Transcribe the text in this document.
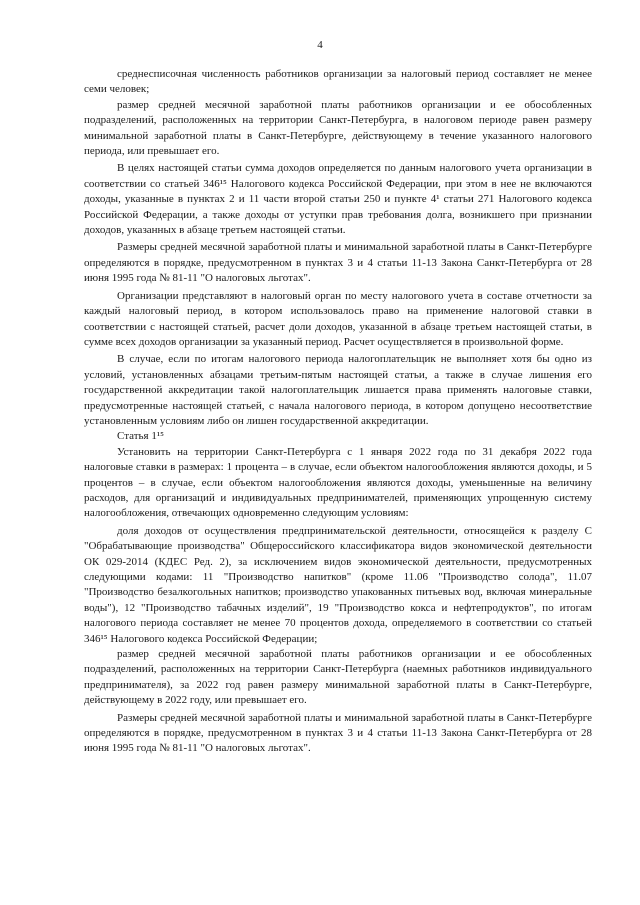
4

среднесписочная численность работников организации за налоговый период составляет не менее семи человек;

размер средней месячной заработной платы работников организации и ее обособленных подразделений, расположенных на территории Санкт-Петербурга, в налоговом периоде равен размеру минимальной заработной платы в Санкт-Петербурге, действующему в течение указанного налогового периода, или превышает его.

В целях настоящей статьи сумма доходов определяется по данным налогового учета организации в соответствии со статьей 346¹⁵ Налогового кодекса Российской Федерации, при этом в нее не включаются доходы, указанные в пунктах 2 и 11 части второй статьи 250 и пункте 4¹ статьи 271 Налогового кодекса Российской Федерации, а также доходы от уступки прав требования долга, возникшего при признании доходов, указанных в абзаце третьем настоящей статьи.

Размеры средней месячной заработной платы и минимальной заработной платы в Санкт-Петербурге определяются в порядке, предусмотренном в пунктах 3 и 4 статьи 11-13 Закона Санкт-Петербурга от 28 июня 1995 года № 81-11 "О налоговых льготах".

Организации представляют в налоговый орган по месту налогового учета в составе отчетности за каждый налоговый период, в котором использовалось право на применение налоговой ставки в соответствии с настоящей статьей, расчет доли доходов, указанной в абзаце третьем настоящей статьи, в сумме всех доходов организации за указанный период. Расчет осуществляется в произвольной форме.

В случае, если по итогам налогового периода налогоплательщик не выполняет хотя бы одно из условий, установленных абзацами третьим-пятым настоящей статьи, а также в случае лишения его государственной аккредитации такой налогоплательщик лишается права применять налоговые ставки, предусмотренные настоящей статьей, с начала налогового периода, в котором допущено несоответствие установленным условиям либо он лишен государственной аккредитации.

Статья 1¹⁵

Установить на территории Санкт-Петербурга с 1 января 2022 года по 31 декабря 2022 года налоговые ставки в размерах: 1 процента – в случае, если объектом налогообложения являются доходы, и 5 процентов – в случае, если объектом налогообложения являются доходы, уменьшенные на величину расходов, для организаций и индивидуальных предпринимателей, применяющих упрощенную систему налогообложения, отвечающих одновременно следующим условиям:

доля доходов от осуществления предпринимательской деятельности, относящейся к разделу С "Обрабатывающие производства" Общероссийского классификатора видов экономической деятельности ОК 029-2014 (КДЕС Ред. 2), за исключением видов экономической деятельности, предусмотренных следующими кодами: 11 "Производство напитков" (кроме 11.06 "Производство солода", 11.07 "Производство безалкогольных напитков; производство упакованных питьевых вод, включая минеральные воды"), 12 "Производство табачных изделий", 19 "Производство кокса и нефтепродуктов", по итогам налогового периода составляет не менее 70 процентов дохода, определяемого в соответствии со статьей 346¹⁵ Налогового кодекса Российской Федерации;

размер средней месячной заработной платы работников организации и ее обособленных подразделений, расположенных на территории Санкт-Петербурга (наемных работников индивидуального предпринимателя), за 2022 год равен размеру минимальной заработной платы в Санкт-Петербурге, действующему в 2022 году, или превышает его.

Размеры средней месячной заработной платы и минимальной заработной платы в Санкт-Петербурге определяются в порядке, предусмотренном в пунктах 3 и 4 статьи 11-13 Закона Санкт-Петербурга от 28 июня 1995 года № 81-11 "О налоговых льготах".
